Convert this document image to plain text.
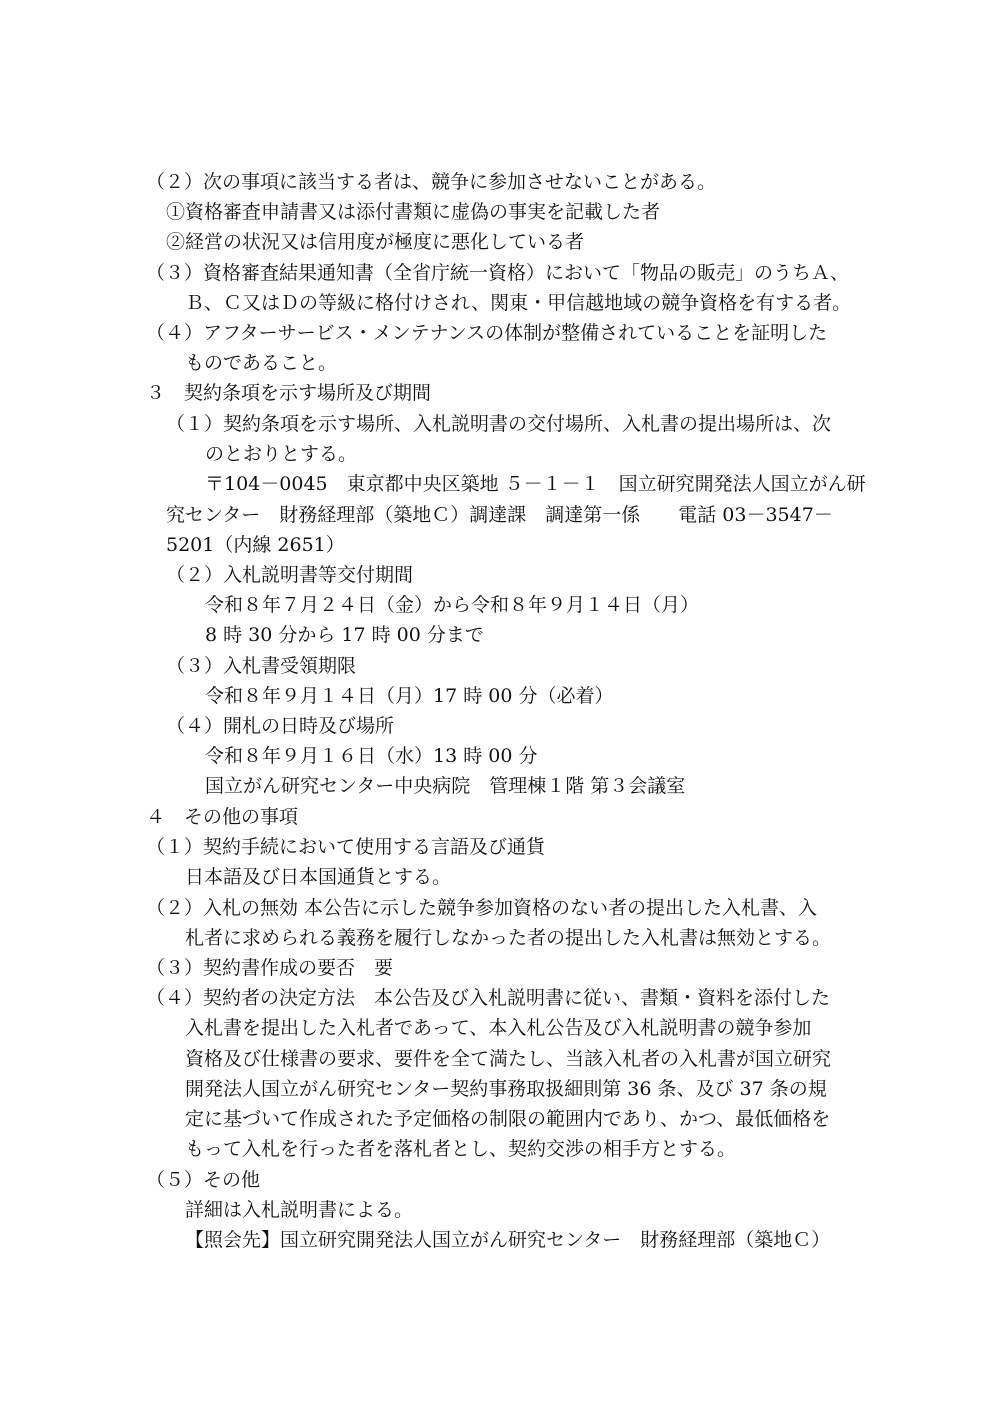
（２）次の事項に該当する者は、競争に参加させないことがある。
①資格審査申請書又は添付書類に虚偽の事実を記載した者
②経営の状況又は信用度が極度に悪化している者
（３）資格審査結果通知書（全省庁統一資格）において「物品の販売」のうちＡ、
Ｂ、Ｃ又はＤの等級に格付けされ、関東・甲信越地域の競争資格を有する者。
（４）アフターサービス・メンテナンスの体制が整備されていることを証明した
ものであること。
３　契約条項を示す場所及び期間
（１）契約条項を示す場所、入札説明書の交付場所、入札書の提出場所は、次
のとおりとする。
〒104－0045　東京都中央区築地 ５－１－１　国立研究開発法人国立がん研
究センター　財務経理部（築地Ｃ）調達課　調達第一係　　電話 03－3547－
5201（内線 2651）
（２）入札説明書等交付期間
令和８年７月２４日（金）から令和８年９月１４日（月）
8 時 30 分から 17 時 00 分まで
（３）入札書受領期限
令和８年９月１４日（月）17 時 00 分（必着）
（４）開札の日時及び場所
令和８年９月１６日（水）13 時 00 分
国立がん研究センター中央病院　管理棟１階 第３会議室
４　その他の事項
（１）契約手続において使用する言語及び通貨
日本語及び日本国通貨とする。
（２）入札の無効 本公告に示した競争参加資格のない者の提出した入札書、入
札者に求められる義務を履行しなかった者の提出した入札書は無効とする。
（３）契約書作成の要否　要
（４）契約者の決定方法　本公告及び入札説明書に従い、書類・資料を添付した
入札書を提出した入札者であって、本入札公告及び入札説明書の競争参加
資格及び仕様書の要求、要件を全て満たし、当該入札者の入札書が国立研究
開発法人国立がん研究センター契約事務取扱細則第 36 条、及び 37 条の規
定に基づいて作成された予定価格の制限の範囲内であり、かつ、最低価格を
もって入札を行った者を落札者とし、契約交渉の相手方とする。
（５）その他
詳細は入札説明書による。
【照会先】国立研究開発法人国立がん研究センター　財務経理部（築地Ｃ）
